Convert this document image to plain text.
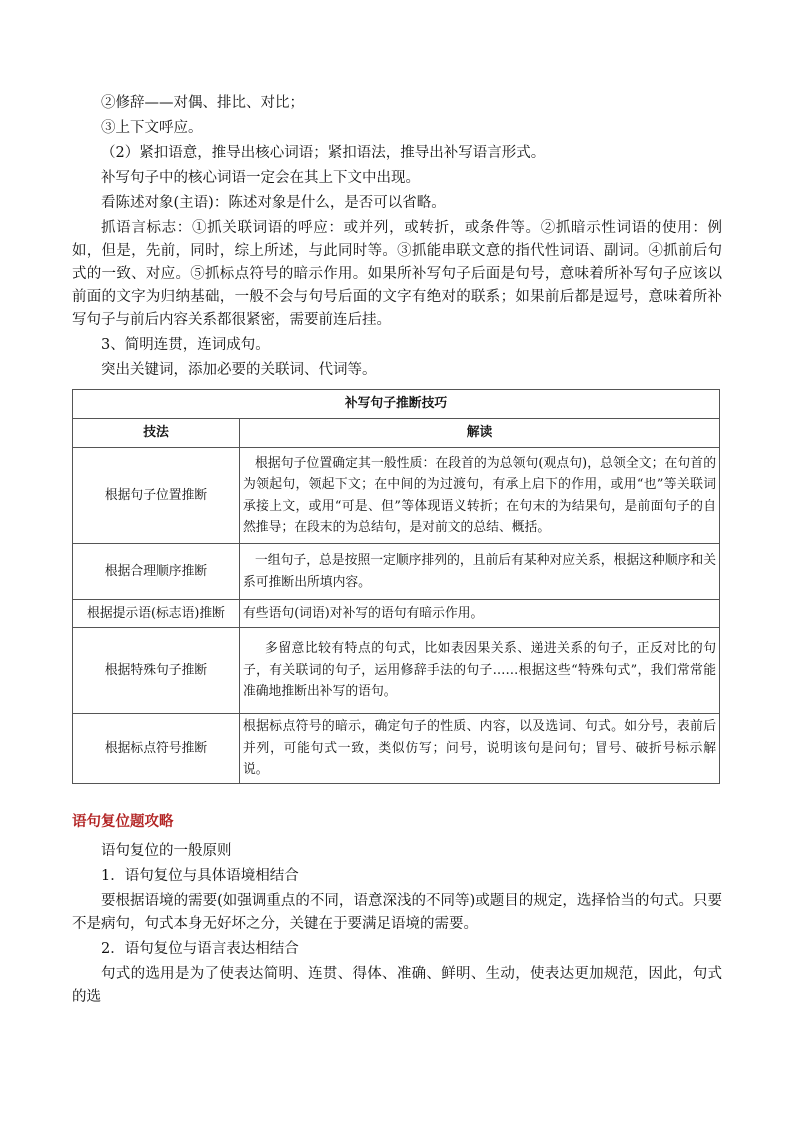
②修辞——对偶、排比、对比；

③上下文呼应。

（2）紧扣语意，推导出核心词语；紧扣语法，推导出补写语言形式。

补写句子中的核心词语一定会在其上下文中出现。

看陈述对象(主语)：陈述对象是什么，是否可以省略。

抓语言标志：①抓关联词语的呼应：或并列，或转折，或条件等。②抓暗示性词语的使用：例如，但是，先前，同时，综上所述，与此同时等。③抓能串联文意的指代性词语、副词。④抓前后句式的一致、对应。⑤抓标点符号的暗示作用。如果所补写句子后面是句号，意味着所补写句子应该以前面的文字为归纳基础，一般不会与句号后面的文字有绝对的联系；如果前后都是逗号，意味着所补写句子与前后内容关系都很紧密，需要前连后挂。

3、简明连贯，连词成句。

突出关键词，添加必要的关联词、代词等。

补写句子推断技巧	
技法	解读
根据句子位置推断	根据句子位置确定其一般性质：在段首的为总领句(观点句)，总领全文；在句首的为领起句，领起下文；在中间的为过渡句，有承上启下的作用，或用“也”等关联词承接上文，或用“可是、但”等体现语义转折；在句末的为结果句，是前面句子的自然推导；在段末的为总结句，是对前文的总结、概括。
根据合理顺序推断	一组句子，总是按照一定顺序排列的，且前后有某种对应关系，根据这种顺序和关系可推断出所填内容。
根据提示语(标志语)推断	有些语句(词语)对补写的语句有暗示作用。
根据特殊句子推断	多留意比较有特点的句式，比如表因果关系、递进关系的句子，正反对比的句子，有关联词的句子，运用修辞手法的句子……根据这些“特殊句式”，我们常常能准确地推断出补写的语句。
根据标点符号推断	根据标点符号的暗示，确定句子的性质、内容，以及选词、句式。如分号，表前后并列，可能句式一致，类似仿写；问号，说明该句是问句；冒号、破折号标示解说。
语句复位题攻略

语句复位的一般原则

1．语句复位与具体语境相结合

要根据语境的需要(如强调重点的不同，语意深浅的不同等)或题目的规定，选择恰当的句式。只要不是病句，句式本身无好坏之分，关键在于要满足语境的需要。

2．语句复位与语言表达相结合

句式的选用是为了使表达简明、连贯、得体、准确、鲜明、生动，使表达更加规范，因此，句式的选
